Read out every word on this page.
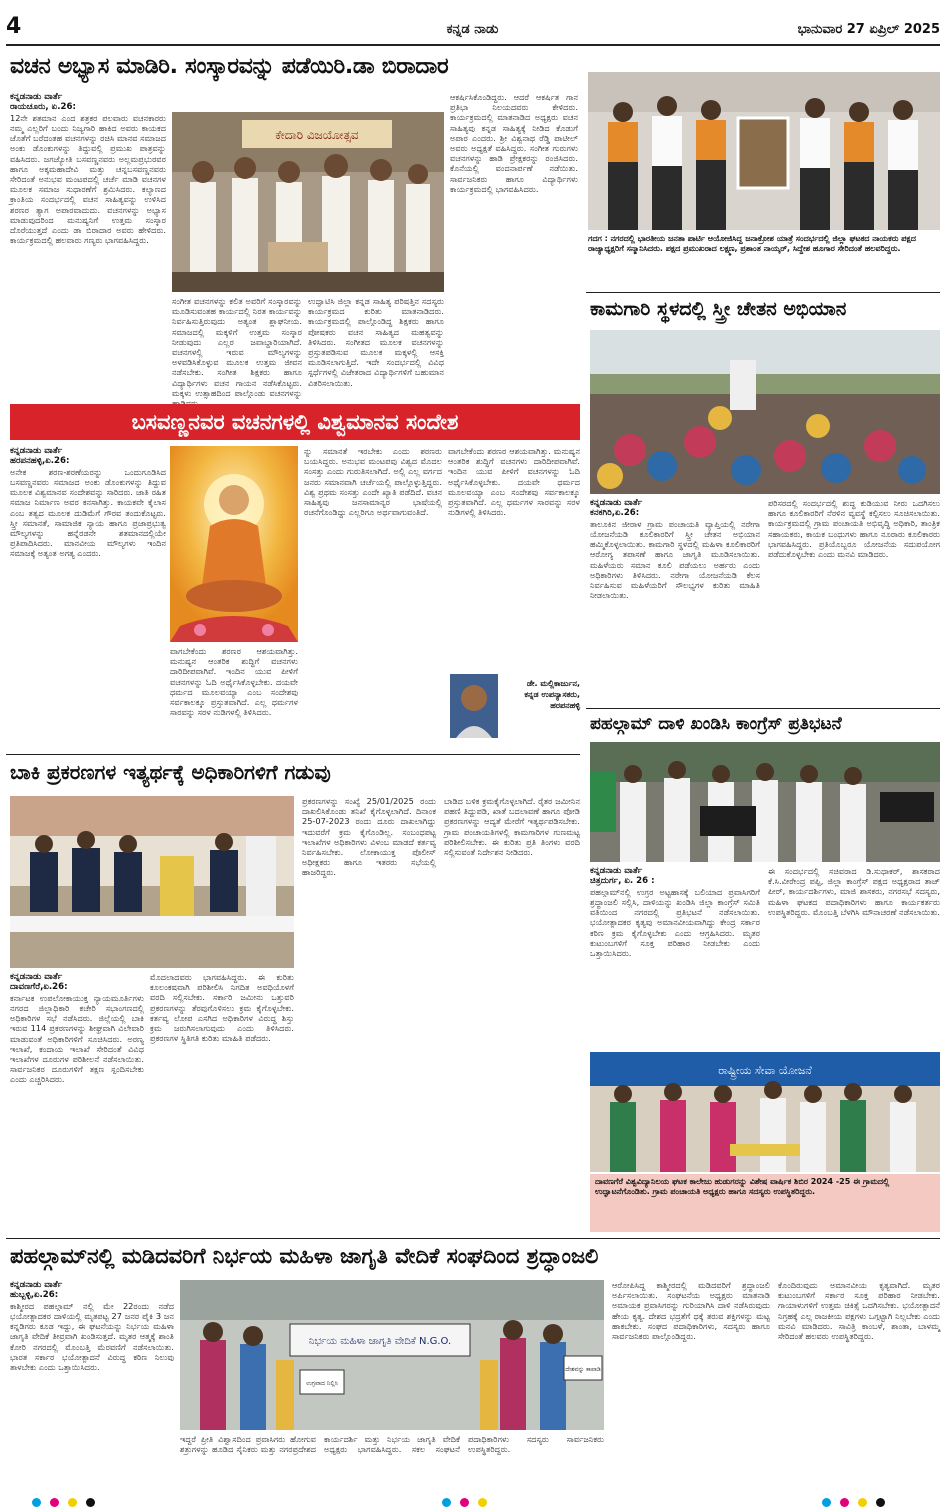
4	ಕನ್ನಡ ನಾಡು	ಭಾನುವಾರ 27 ಏಪ್ರಿಲ್ 2025
ವಚನ ಅಭ್ಯಾಸ ಮಾಡಿರಿ. ಸಂಸ್ಕಾರವನ್ನು ಪಡೆಯಿರಿ.ಡಾ ಬಿರಾದಾರ
ಕನ್ನಡನಾಡು ವಾರ್ತೆ
ರಾಯಚೂರು, ಏ.26:
12ನೇ ಶತಮಾನ ಎಂದ ಶತ್ರಕರ ಪಲವಾರು ವಚನಕಾರರು ನಮ್ಮ ಎಲ್ಲರಿಗೆ ಬಂದು ನಿಜ್ಯಗಾರಿ ಹಾಕಿದ ಅವರು ಕಾಯಕದ ಜೊತೆಗೆ ಬರೆದಂತಹ ವಚನಗಳನ್ನು ರಚಿಸಿ ಮಾನವ ಸಮಾಜದ ಅಂಕು ಡೊಂಕುಗಳನ್ನು ತಿದ್ದುವಲ್ಲಿ ಪ್ರಮುಖ ಪಾತ್ರವನ್ನು ವಹಿಸಿದರು. ಜಗಜ್ಯೋತಿ ಬಸವಣ್ಣನವರು ಅಲ್ಲಮಪ್ರಭುರವರ ಹಾಗೂ ಅಕ್ಕಮಹಾದೇವಿ ಮತ್ತು ಚನ್ನಬಸವಣ್ಣನವರು ಸೇರಿದಂತೆ ಅನುಭವ ಮಂಟಪದಲ್ಲಿ ಚರ್ಚೆ ಮಾಡಿ ವಚನಗಳ ಮೂಲಕ ಸಮಾಜ ಸುಧಾರಣೆಗೆ ಶ್ರಮಿಸಿದರು. ಕಲ್ಯಾಣದ ಕ್ರಾಂತಿಯ ಸಂದರ್ಭದಲ್ಲಿ ವಚನ ಸಾಹಿತ್ಯವನ್ನು ಉಳಿಸಿದ ಶರಣರ ತ್ಯಾಗ ಅಪಾರವಾದುದು. ವಚನಗಳನ್ನು ಅಭ್ಯಾಸ ಮಾಡುವುದರಿಂದ ಮನುಷ್ಯನಿಗೆ ಉತ್ತಮ ಸಂಸ್ಕಾರ ದೊರೆಯುತ್ತದೆ ಎಂದು ಡಾ ಬಿರಾದಾರ ಅವರು ಹೇಳಿದರು. ಕಾರ್ಯಕ್ರಮದಲ್ಲಿ ಹಲವಾರು ಗಣ್ಯರು ಭಾಗವಹಿಸಿದ್ದರು.
ಕೇದಾರಿ ವಿಜಯೋತ್ಸವ
ಸಂಗೀತ ವಚನಗಳನ್ನು ಕಲಿತ ಅವರಿಗೆ ಸಂಸ್ಕಾರವನ್ನು ಮೂಡಿಸುವಂತಹ ಕಾರ್ಯದಲ್ಲಿ ನಿರತ ಕಾರ್ಯವನ್ನು ನಿರ್ವಹಿಸುತ್ತಿರುವುದು ಅತ್ಯಂತ ಶ್ಲಾಘನೀಯ. ಸಮಾಜದಲ್ಲಿ ಮಕ್ಕಳಿಗೆ ಉತ್ತಮ ಸಂಸ್ಕಾರ ನೀಡುವುದು ಎಲ್ಲರ ಜವಾಬ್ದಾರಿಯಾಗಿದೆ. ವಚನಗಳಲ್ಲಿ ಇರುವ ಮೌಲ್ಯಗಳನ್ನು ಅಳವಡಿಸಿಕೊಳ್ಳುವ ಮೂಲಕ ಉತ್ತಮ ಜೀವನ ನಡೆಸಬೇಕು. ಸಂಗೀತ ಶಿಕ್ಷಕರು ಹಾಗೂ ವಿದ್ಯಾರ್ಥಿಗಳು ವಚನ ಗಾಯನ ನಡೆಸಿಕೊಟ್ಟರು. ಮಕ್ಕಳು ಉತ್ಸಾಹದಿಂದ ಪಾಲ್ಗೊಂಡು ವಚನಗಳನ್ನು
ಉದ್ಘಾಟಿಸಿ ಜಿಲ್ಲಾ ಕನ್ನಡ ಸಾಹಿತ್ಯ ಪರಿಷತ್ತಿನ ಸದಸ್ಯರು ಕಾರ್ಯಕ್ರಮದ ಕುರಿತು ಮಾತನಾಡಿದರು. ಕಾರ್ಯಕ್ರಮದಲ್ಲಿ ಪಾಲ್ಗೊಂಡಿದ್ದ ಶಿಕ್ಷಕರು ಹಾಗೂ ಪೋಷಕರು ವಚನ ಸಾಹಿತ್ಯದ ಮಹತ್ವವನ್ನು ತಿಳಿಸಿದರು. ಸಂಗೀತದ ಮೂಲಕ ವಚನಗಳನ್ನು ಪ್ರಸ್ತುತಪಡಿಸುವ ಮೂಲಕ ಮಕ್ಕಳಲ್ಲಿ ಆಸಕ್ತಿ ಮೂಡಿಸಲಾಗುತ್ತಿದೆ. ಇದೇ ಸಂದರ್ಭದಲ್ಲಿ ವಿವಿಧ ಸ್ಪರ್ಧೆಗಳಲ್ಲಿ ವಿಜೇತರಾದ ವಿದ್ಯಾರ್ಥಿಗಳಿಗೆ ಬಹುಮಾನ ವಿತರಿಸಲಾಯಿತು.
ಆಕರ್ಷಿಸಿಕೊಂಡಿದ್ದರು. ಆದರೆ ಆಕರ್ಷಿತ ಗಾನ ಪ್ರತಿಭಾ ನಿಲಯದವರು ಕೇಳಿದರು. ಕಾರ್ಯಕ್ರಮದಲ್ಲಿ ಮಾತನಾಡಿದ ಅಧ್ಯಕ್ಷರು ವಚನ ಸಾಹಿತ್ಯವು ಕನ್ನಡ ಸಾಹಿತ್ಯಕ್ಕೆ ನೀಡಿದ ಕೊಡುಗೆ ಅಪಾರ ಎಂದರು. ಶ್ರೀ ವಿಶ್ವನಾಥ ರೆಡ್ಡಿ ಪಾಟೀಲ್ ಅವರು ಅಧ್ಯಕ್ಷತೆ ವಹಿಸಿದ್ದರು. ಸಂಗೀತ ಗುರುಗಳು ವಚನಗಳನ್ನು ಹಾಡಿ ಪ್ರೇಕ್ಷಕರನ್ನು ರಂಜಿಸಿದರು. ಕೊನೆಯಲ್ಲಿ ವಂದನಾರ್ಪಣೆ ನಡೆಯಿತು. ಸಾರ್ವಜನಿಕರು ಹಾಗೂ ವಿದ್ಯಾರ್ಥಿಗಳು ಕಾರ್ಯಕ್ರಮದಲ್ಲಿ ಭಾಗವಹಿಸಿದರು.
ಗದಗ : ನಗರದಲ್ಲಿ ಭಾರತೀಯ ಜನತಾ ಪಾರ್ಟಿ ಆಯೋಜಿಸಿದ್ದ ಜನಾಕ್ರೋಶ ಯಾತ್ರೆ ಸಂದರ್ಭದಲ್ಲಿ ಜಿಲ್ಲಾ ಘಟಕದ ನಾಯಕರು ಪಕ್ಷದ ರಾಜ್ಯಾಧ್ಯಕ್ಷರಿಗೆ ಸನ್ಮಾನಿಸಿದರು. ಪಕ್ಷದ ಪ್ರಮುಖರಾದ ಲಕ್ಷ್ಮಣ, ಪ್ರಶಾಂತ ನಾಯ್ಕರ್, ಸಿದ್ದೇಶ ಹೂಗಾರ ಸೇರಿದಂತೆ ಹಲವರಿದ್ದರು.
ಕಾಮಗಾರಿ ಸ್ಥಳದಲ್ಲಿ ಸ್ತ್ರೀ ಚೇತನ ಅಭಿಯಾನ
ಕನ್ನಡನಾಡು ವಾರ್ತೆ
ಕನಕಗಿರಿ,ಏ.26:
ತಾಲೂಕಿನ ಜೀರಾಳ ಗ್ರಾಮ ಪಂಚಾಯತಿ ವ್ಯಾಪ್ತಿಯಲ್ಲಿ ನರೇಗಾ ಯೋಜನೆಯಡಿ ಕೂಲಿಕಾರರಿಗೆ ಸ್ತ್ರೀ ಚೇತನ ಅಭಿಯಾನ ಹಮ್ಮಿಕೊಳ್ಳಲಾಯಿತು. ಕಾಮಗಾರಿ ಸ್ಥಳದಲ್ಲಿ ಮಹಿಳಾ ಕೂಲಿಕಾರರಿಗೆ ಆರೋಗ್ಯ ತಪಾಸಣೆ ಹಾಗೂ ಜಾಗೃತಿ ಮೂಡಿಸಲಾಯಿತು. ಮಹಿಳೆಯರು ಸಮಾನ ಕೂಲಿ ಪಡೆಯಲು ಅರ್ಹರು ಎಂದು ಅಧಿಕಾರಿಗಳು ತಿಳಿಸಿದರು. ನರೇಗಾ ಯೋಜನೆಯಡಿ ಕೆಲಸ ನಿರ್ವಹಿಸುವ ಮಹಿಳೆಯರಿಗೆ ಸೌಲಭ್ಯಗಳ ಕುರಿತು ಮಾಹಿತಿ ನೀಡಲಾಯಿತು.
ಪರಿಸರದಲ್ಲಿ ಸಂದರ್ಭದಲ್ಲಿ ಶುದ್ಧ ಕುಡಿಯುವ ನೀರು ಒದಗಿಸಲು ಹಾಗೂ ಕೂಲಿಕಾರರಿಗೆ ನೆರಳಿನ ವ್ಯವಸ್ಥೆ ಕಲ್ಪಿಸಲು ಸೂಚಿಸಲಾಯಿತು. ಕಾರ್ಯಕ್ರಮದಲ್ಲಿ ಗ್ರಾಮ ಪಂಚಾಯತಿ ಅಭಿವೃದ್ಧಿ ಅಧಿಕಾರಿ, ತಾಂತ್ರಿಕ ಸಹಾಯಕರು, ಕಾಯಕ ಬಂಧುಗಳು ಹಾಗೂ ನೂರಾರು ಕೂಲಿಕಾರರು ಭಾಗವಹಿಸಿದ್ದರು. ಪ್ರತಿಯೊಬ್ಬರೂ ಯೋಜನೆಯ ಸದುಪಯೋಗ ಪಡೆದುಕೊಳ್ಳಬೇಕು ಎಂದು ಮನವಿ ಮಾಡಿದರು.
ಬಸವಣ್ಣನವರ ವಚನಗಳಲ್ಲಿ ವಿಶ್ವಮಾನವ ಸಂದೇಶ
ಕನ್ನಡನಾಡು ವಾರ್ತೆ
ಹರಪನಹಳ್ಳಿ,ಏ.26:
ಅನೇಕ ಶರಣ-ಶರಣೆಯರನ್ನು ಒಂದುಗೂಡಿಸಿದ ಬಸವಣ್ಣನವರು ಸಮಾಜದ ಅಂಕು ಡೊಂಕುಗಳನ್ನು ತಿದ್ದುವ ಮೂಲಕ ವಿಶ್ವಮಾನವ ಸಂದೇಶವನ್ನು ಸಾರಿದರು. ಜಾತಿ ರಹಿತ ಸಮಾಜ ನಿರ್ಮಾಣ ಅವರ ಕನಸಾಗಿತ್ತು. ಕಾಯಕವೇ ಕೈಲಾಸ ಎಂಬ ತತ್ವದ ಮೂಲಕ ದುಡಿಮೆಗೆ ಗೌರವ ತಂದುಕೊಟ್ಟರು. ಸ್ತ್ರೀ ಸಮಾನತೆ, ಸಾಮಾಜಿಕ ನ್ಯಾಯ ಹಾಗೂ ಪ್ರಜಾಪ್ರಭುತ್ವ ಮೌಲ್ಯಗಳನ್ನು ಹನ್ನೆರಡನೇ ಶತಮಾನದಲ್ಲಿಯೇ ಪ್ರತಿಪಾದಿಸಿದರು. ಮಾನವೀಯ ಮೌಲ್ಯಗಳು ಇಂದಿನ ಸಮಾಜಕ್ಕೆ ಅತ್ಯಂತ ಅಗತ್ಯ ಎಂದರು.
ವಾಗಬೇಕೆಂದು ಶರಣರ ಆಶಯವಾಗಿತ್ತು. ಮನುಷ್ಯನ ಆಂತರಿಕ ಶುದ್ಧಿಗೆ ವಚನಗಳು ದಾರಿದೀಪವಾಗಿವೆ. ಇಂದಿನ ಯುವ ಪೀಳಿಗೆ ವಚನಗಳನ್ನು ಓದಿ ಅರ್ಥೈಸಿಕೊಳ್ಳಬೇಕು. ದಯವೇ ಧರ್ಮದ ಮೂಲವಯ್ಯಾ ಎಂಬ ಸಂದೇಶವು ಸರ್ವಕಾಲಕ್ಕೂ ಪ್ರಸ್ತುತವಾಗಿದೆ. ಎಲ್ಲ ಧರ್ಮಗಳ ಸಾರವನ್ನು ಸರಳ ನುಡಿಗಳಲ್ಲಿ ತಿಳಿಸಿದರು.
ನ್ನು ಸಮಾನತೆ ಇರಬೇಕು ಎಂದು ಶರಣರು ಬಯಸಿದ್ದರು. ಅನುಭವ ಮಂಟಪವು ವಿಶ್ವದ ಮೊದಲ ಸಂಸತ್ತು ಎಂದು ಗುರುತಿಸಲಾಗಿದೆ. ಅಲ್ಲಿ ಎಲ್ಲ ವರ್ಗದ ಜನರು ಸಮಾನವಾಗಿ ಚರ್ಚೆಯಲ್ಲಿ ಪಾಲ್ಗೊಳ್ಳುತ್ತಿದ್ದರು. ವಿಶ್ವ ಪ್ರಥಮ ಸಂಸತ್ತು ಎಂದೇ ಖ್ಯಾತಿ ಪಡೆದಿದೆ. ವಚನ ಸಾಹಿತ್ಯವು ಜನಸಾಮಾನ್ಯರ ಭಾಷೆಯಲ್ಲಿ ರಚನೆಗೊಂಡಿದ್ದು ಎಲ್ಲರಿಗೂ ಅರ್ಥವಾಗುವಂತಿದೆ.
ವಾಗಬೇಕೆಂದು ಶರಣರ ಆಶಯವಾಗಿತ್ತು. ಮನುಷ್ಯನ ಆಂತರಿಕ ಶುದ್ಧಿಗೆ ವಚನಗಳು ದಾರಿದೀಪವಾಗಿವೆ. ಇಂದಿನ ಯುವ ಪೀಳಿಗೆ ವಚನಗಳನ್ನು ಓದಿ ಅರ್ಥೈಸಿಕೊಳ್ಳಬೇಕು. ದಯವೇ ಧರ್ಮದ ಮೂಲವಯ್ಯಾ ಎಂಬ ಸಂದೇಶವು ಸರ್ವಕಾಲಕ್ಕೂ ಪ್ರಸ್ತುತವಾಗಿದೆ. ಎಲ್ಲ ಧರ್ಮಗಳ ಸಾರವನ್ನು ಸರಳ ನುಡಿಗಳಲ್ಲಿ ತಿಳಿಸಿದರು.
ಡೇ. ಮಲ್ಲಿಕಾರ್ಜುನ,
ಕನ್ನಡ ಉಪನ್ಯಾಸಕರು,
ಹರಪನಹಳ್ಳಿ
ಪಹಲ್ಗಾಮ್ ದಾಳಿ ಖಂಡಿಸಿ ಕಾಂಗ್ರೆಸ್ ಪ್ರತಿಭಟನೆ
ಕನ್ನಡನಾಡು ವಾರ್ತೆ
ಚಿತ್ರದುರ್ಗ, ಏ. 26 :
ಪಹಲ್ಗಾಮ್‌ನಲ್ಲಿ ಉಗ್ರರ ಅಟ್ಟಹಾಸಕ್ಕೆ ಬಲಿಯಾದ ಪ್ರವಾಸಿಗರಿಗೆ ಶ್ರದ್ಧಾಂಜಲಿ ಸಲ್ಲಿಸಿ, ದಾಳಿಯನ್ನು ಖಂಡಿಸಿ ಜಿಲ್ಲಾ ಕಾಂಗ್ರೆಸ್ ಸಮಿತಿ ವತಿಯಿಂದ ನಗರದಲ್ಲಿ ಪ್ರತಿಭಟನೆ ನಡೆಸಲಾಯಿತು. ಭಯೋತ್ಪಾದಕರ ಕೃತ್ಯವು ಅಮಾನವೀಯವಾಗಿದ್ದು ಕೇಂದ್ರ ಸರ್ಕಾರ ಕಠಿಣ ಕ್ರಮ ಕೈಗೊಳ್ಳಬೇಕು ಎಂದು ಆಗ್ರಹಿಸಿದರು. ಮೃತರ ಕುಟುಂಬಗಳಿಗೆ ಸೂಕ್ತ ಪರಿಹಾರ ನೀಡಬೇಕು ಎಂದು ಒತ್ತಾಯಿಸಿದರು.
ಈ ಸಂದರ್ಭದಲ್ಲಿ ಸಚಿವರಾದ ಡಿ.ಸುಧಾಕರ್, ಶಾಸಕರಾದ ಕೆ.ಸಿ.ವೀರೇಂದ್ರ ಪಪ್ಪಿ, ಜಿಲ್ಲಾ ಕಾಂಗ್ರೆಸ್ ಪಕ್ಷದ ಅಧ್ಯಕ್ಷರಾದ ತಾಜ್ ಪೀರ್, ಕಾರ್ಯದರ್ಶಿಗಳು, ಮಾಜಿ ಶಾಸಕರು, ನಗರಸಭೆ ಸದಸ್ಯರು, ಮಹಿಳಾ ಘಟಕದ ಪದಾಧಿಕಾರಿಗಳು ಹಾಗೂ ಕಾರ್ಯಕರ್ತರು ಉಪಸ್ಥಿತರಿದ್ದರು. ಮೊಂಬತ್ತಿ ಬೆಳಗಿಸಿ ಮೌನಾಚರಣೆ ನಡೆಸಲಾಯಿತು.
ಬಾಕಿ ಪ್ರಕರಣಗಳ ಇತ್ಯರ್ಥಕ್ಕೆ ಅಧಿಕಾರಿಗಳಿಗೆ ಗಡುವು
ಕನ್ನಡನಾಡು ವಾರ್ತೆ
ದಾವಣಗೆರೆ,ಏ.26:
ಕರ್ನಾಟಕ ಉಪಲೋಕಾಯುಕ್ತ ನ್ಯಾಯಮೂರ್ತಿಗಳು ನಗರದ ಜಿಲ್ಲಾಧಿಕಾರಿ ಕಚೇರಿ ಸಭಾಂಗಣದಲ್ಲಿ ಅಧಿಕಾರಿಗಳ ಸಭೆ ನಡೆಸಿದರು. ಜಿಲ್ಲೆಯಲ್ಲಿ ಬಾಕಿ ಇರುವ 114 ಪ್ರಕರಣಗಳನ್ನು ಶೀಘ್ರವಾಗಿ ವಿಲೇವಾರಿ ಮಾಡುವಂತೆ ಅಧಿಕಾರಿಗಳಿಗೆ ಸೂಚಿಸಿದರು. ಅರಣ್ಯ ಇಲಾಖೆ, ಕಂದಾಯ ಇಲಾಖೆ ಸೇರಿದಂತೆ ವಿವಿಧ ಇಲಾಖೆಗಳ ದೂರುಗಳ ಪರಿಶೀಲನೆ ನಡೆಸಲಾಯಿತು. ಸಾರ್ವಜನಿಕರ ದೂರುಗಳಿಗೆ ತಕ್ಷಣ ಸ್ಪಂದಿಸಬೇಕು ಎಂದು ಎಚ್ಚರಿಸಿದರು.
ಮೊದಲಾದವರು ಭಾಗವಹಿಸಿದ್ದರು. ಈ ಕುರಿತು ಕೂಲಂಕಷವಾಗಿ ಪರಿಶೀಲಿಸಿ ನಿಗದಿತ ಅವಧಿಯೊಳಗೆ ವರದಿ ಸಲ್ಲಿಸಬೇಕು. ಸರ್ಕಾರಿ ಜಮೀನು ಒತ್ತುವರಿ ಪ್ರಕರಣಗಳನ್ನು ತೆರವುಗೊಳಿಸಲು ಕ್ರಮ ಕೈಗೊಳ್ಳಬೇಕು. ಕರ್ತವ್ಯ ಲೋಪ ಎಸಗಿದ ಅಧಿಕಾರಿಗಳ ವಿರುದ್ಧ ಶಿಸ್ತು ಕ್ರಮ ಜರುಗಿಸಲಾಗುವುದು ಎಂದು ತಿಳಿಸಿದರು. ಪ್ರಕರಣಗಳ ಸ್ಥಿತಿಗತಿ ಕುರಿತು ಮಾಹಿತಿ ಪಡೆದರು.
ಪ್ರಕರಣಗಳನ್ನು ಸಂಖ್ಯೆ 25/01/2025 ರಂದು ದಾಖಲಿಸಿಕೊಂಡು ತನಿಖೆ ಕೈಗೊಳ್ಳಲಾಗಿದೆ. ದಿನಾಂಕ 25-07-2023 ರಂದು ದೂರು ದಾಖಲಾಗಿದ್ದು ಇದುವರೆಗೆ ಕ್ರಮ ಕೈಗೊಂಡಿಲ್ಲ. ಸಂಬಂಧಪಟ್ಟ ಇಲಾಖೆಗಳ ಅಧಿಕಾರಿಗಳು ವಿಳಂಬ ಮಾಡದೆ ಕರ್ತವ್ಯ ನಿರ್ವಹಿಸಬೇಕು. ಲೋಕಾಯುಕ್ತ ಪೊಲೀಸ್ ಅಧೀಕ್ಷಕರು ಹಾಗೂ ಇತರರು ಸಭೆಯಲ್ಲಿ ಹಾಜರಿದ್ದರು.
ಬಾಡಿದ ಬಳಿಕ ಕ್ರಮಕೈಗೊಳ್ಳಲಾಗಿದೆ. ರೈತರ ಜಮೀನಿನ ಪಹಣಿ ತಿದ್ದುಪಡಿ, ಖಾತೆ ಬದಲಾವಣೆ ಹಾಗೂ ಪೋಡಿ ಪ್ರಕರಣಗಳನ್ನು ಆದ್ಯತೆ ಮೇರೆಗೆ ಇತ್ಯರ್ಥಪಡಿಸಬೇಕು. ಗ್ರಾಮ ಪಂಚಾಯತಿಗಳಲ್ಲಿ ಕಾಮಗಾರಿಗಳ ಗುಣಮಟ್ಟ ಪರಿಶೀಲಿಸಬೇಕು. ಈ ಕುರಿತು ಪ್ರತಿ ತಿಂಗಳು ವರದಿ ಸಲ್ಲಿಸುವಂತೆ ನಿರ್ದೇಶನ ನೀಡಿದರು.
ರಾಷ್ಟ್ರೀಯ ಸೇವಾ ಯೋಜನೆ
ದಾವಣಗೆರೆ ವಿಶ್ವವಿದ್ಯಾನಿಲಯ ಘಟಕ ಕಾಲೇಜು ಹುಡುಗರನ್ನು ವಿಶೇಷ ವಾರ್ಷಿಕ ಶಿಬಿರ 2024 -25 ಈ ಗ್ರಾಮದಲ್ಲಿ ಉದ್ಘಾಟನೆಗೊಂಡಿತು. ಗ್ರಾಮ ಪಂಚಾಯತಿ ಅಧ್ಯಕ್ಷರು ಹಾಗೂ ಸದಸ್ಯರು ಉಪಸ್ಥಿತರಿದ್ದರು.
ಪಹಲ್ಗಾಮ್‌ನಲ್ಲಿ ಮಡಿದವರಿಗೆ ನಿರ್ಭಯ ಮಹಿಳಾ ಜಾಗೃತಿ ವೇದಿಕೆ ಸಂಘದಿಂದ ಶ್ರದ್ಧಾಂಜಲಿ
ಕನ್ನಡನಾಡು ವಾರ್ತೆ
ಹುಬ್ಬಳ್ಳಿ,ಏ.26:
ಕಾಶ್ಮೀರದ ಪಹಲ್ಗಾಮ್ ನಲ್ಲಿ ಮೇ 22ರಂದು ನಡೆದ ಭಯೋತ್ಪಾದಕರ ದಾಳಿಯಲ್ಲಿ ಮೃತಪಟ್ಟ 27 ಜನರ ಪೈಕಿ 3 ಜನ ಕನ್ನಡಿಗರು ಕೂಡ ಇದ್ದು, ಈ ಘಟನೆಯನ್ನು ನಿರ್ಭಯ ಮಹಿಳಾ ಜಾಗೃತಿ ವೇದಿಕೆ ತೀವ್ರವಾಗಿ ಖಂಡಿಸುತ್ತದೆ. ಮೃತರ ಆತ್ಮಕ್ಕೆ ಶಾಂತಿ ಕೋರಿ ನಗರದಲ್ಲಿ ಮೊಂಬತ್ತಿ ಮೆರವಣಿಗೆ ನಡೆಸಲಾಯಿತು. ಭಾರತ ಸರ್ಕಾರ ಭಯೋತ್ಪಾದನೆ ವಿರುದ್ಧ ಕಠಿಣ ನಿಲುವು ತಾಳಬೇಕು ಎಂದು ಒತ್ತಾಯಿಸಿದರು.
ನಿರ್ಭಯ ಮಹಿಳಾ ಜಾಗೃತಿ ವೇದಿಕೆ N.G.O.
ದೇಶವನ್ನು ಕಾಪಾಡಿ
ಉಗ್ರವಾದ ನಿಲ್ಲಿಸಿ
ಇದ್ದರೆ ಪ್ರೀತಿ ವಿಶ್ವಾಸದಿಂದ ಪ್ರವಾಸಿಗರು ಹೋಗುವ ಶತ್ರುಗಳನ್ನು ಹೂಡಿದ ಸೈನಿಕರು ಮತ್ತು ನಗರಪ್ರದೇಶದ ಕಾರ್ಯದರ್ಶಿ ಮತ್ತು ನಿರ್ಭಯ ಜಾಗೃತಿ ವೇದಿಕೆ ಅಧ್ಯಕ್ಷರು ಭಾಗವಹಿಸಿದ್ದರು. ಸಕಲ ಸಂಘಟನೆ ಪದಾಧಿಕಾರಿಗಳು ಸದಸ್ಯರು ಸಾರ್ವಜನಿಕರು ಉಪಸ್ಥಿತರಿದ್ದರು.
ಆರೋಪಿಸಿದ್ದ ಕಾಶ್ಮೀರದಲ್ಲಿ ಮಡಿದವರಿಗೆ ಶ್ರದ್ಧಾಂಜಲಿ ಅರ್ಪಿಸಲಾಯಿತು. ಸಂಘಟನೆಯ ಅಧ್ಯಕ್ಷರು ಮಾತನಾಡಿ ಅಮಾಯಕ ಪ್ರವಾಸಿಗರನ್ನು ಗುರಿಯಾಗಿಸಿ ದಾಳಿ ನಡೆಸಿರುವುದು ಹೇಯ ಕೃತ್ಯ. ದೇಶದ ಭದ್ರತೆಗೆ ಧಕ್ಕೆ ತರುವ ಶಕ್ತಿಗಳನ್ನು ಮಟ್ಟ ಹಾಕಬೇಕು. ಸಂಘದ ಪದಾಧಿಕಾರಿಗಳು, ಸದಸ್ಯರು ಹಾಗೂ ಸಾರ್ವಜನಿಕರು ಪಾಲ್ಗೊಂಡಿದ್ದರು.
ಕೊಂದಿರುವುದು ಅಮಾನವೀಯ ಕೃತ್ಯವಾಗಿದೆ. ಮೃತರ ಕುಟುಂಬಗಳಿಗೆ ಸರ್ಕಾರ ಸೂಕ್ತ ಪರಿಹಾರ ನೀಡಬೇಕು. ಗಾಯಾಳುಗಳಿಗೆ ಉತ್ತಮ ಚಿಕಿತ್ಸೆ ಒದಗಿಸಬೇಕು. ಭಯೋತ್ಪಾದನೆ ನಿಗ್ರಹಕ್ಕೆ ಎಲ್ಲ ರಾಜಕೀಯ ಪಕ್ಷಗಳು ಒಗ್ಗಟ್ಟಾಗಿ ನಿಲ್ಲಬೇಕು ಎಂದು ಮನವಿ ಮಾಡಿದರು. ಸಾವಿತ್ರಿ ಕಾಂಬಳೆ, ಶಾಂತಾ, ಬಾಳಮ್ಮ ಸೇರಿದಂತೆ ಹಲವರು ಉಪಸ್ಥಿತರಿದ್ದರು.
